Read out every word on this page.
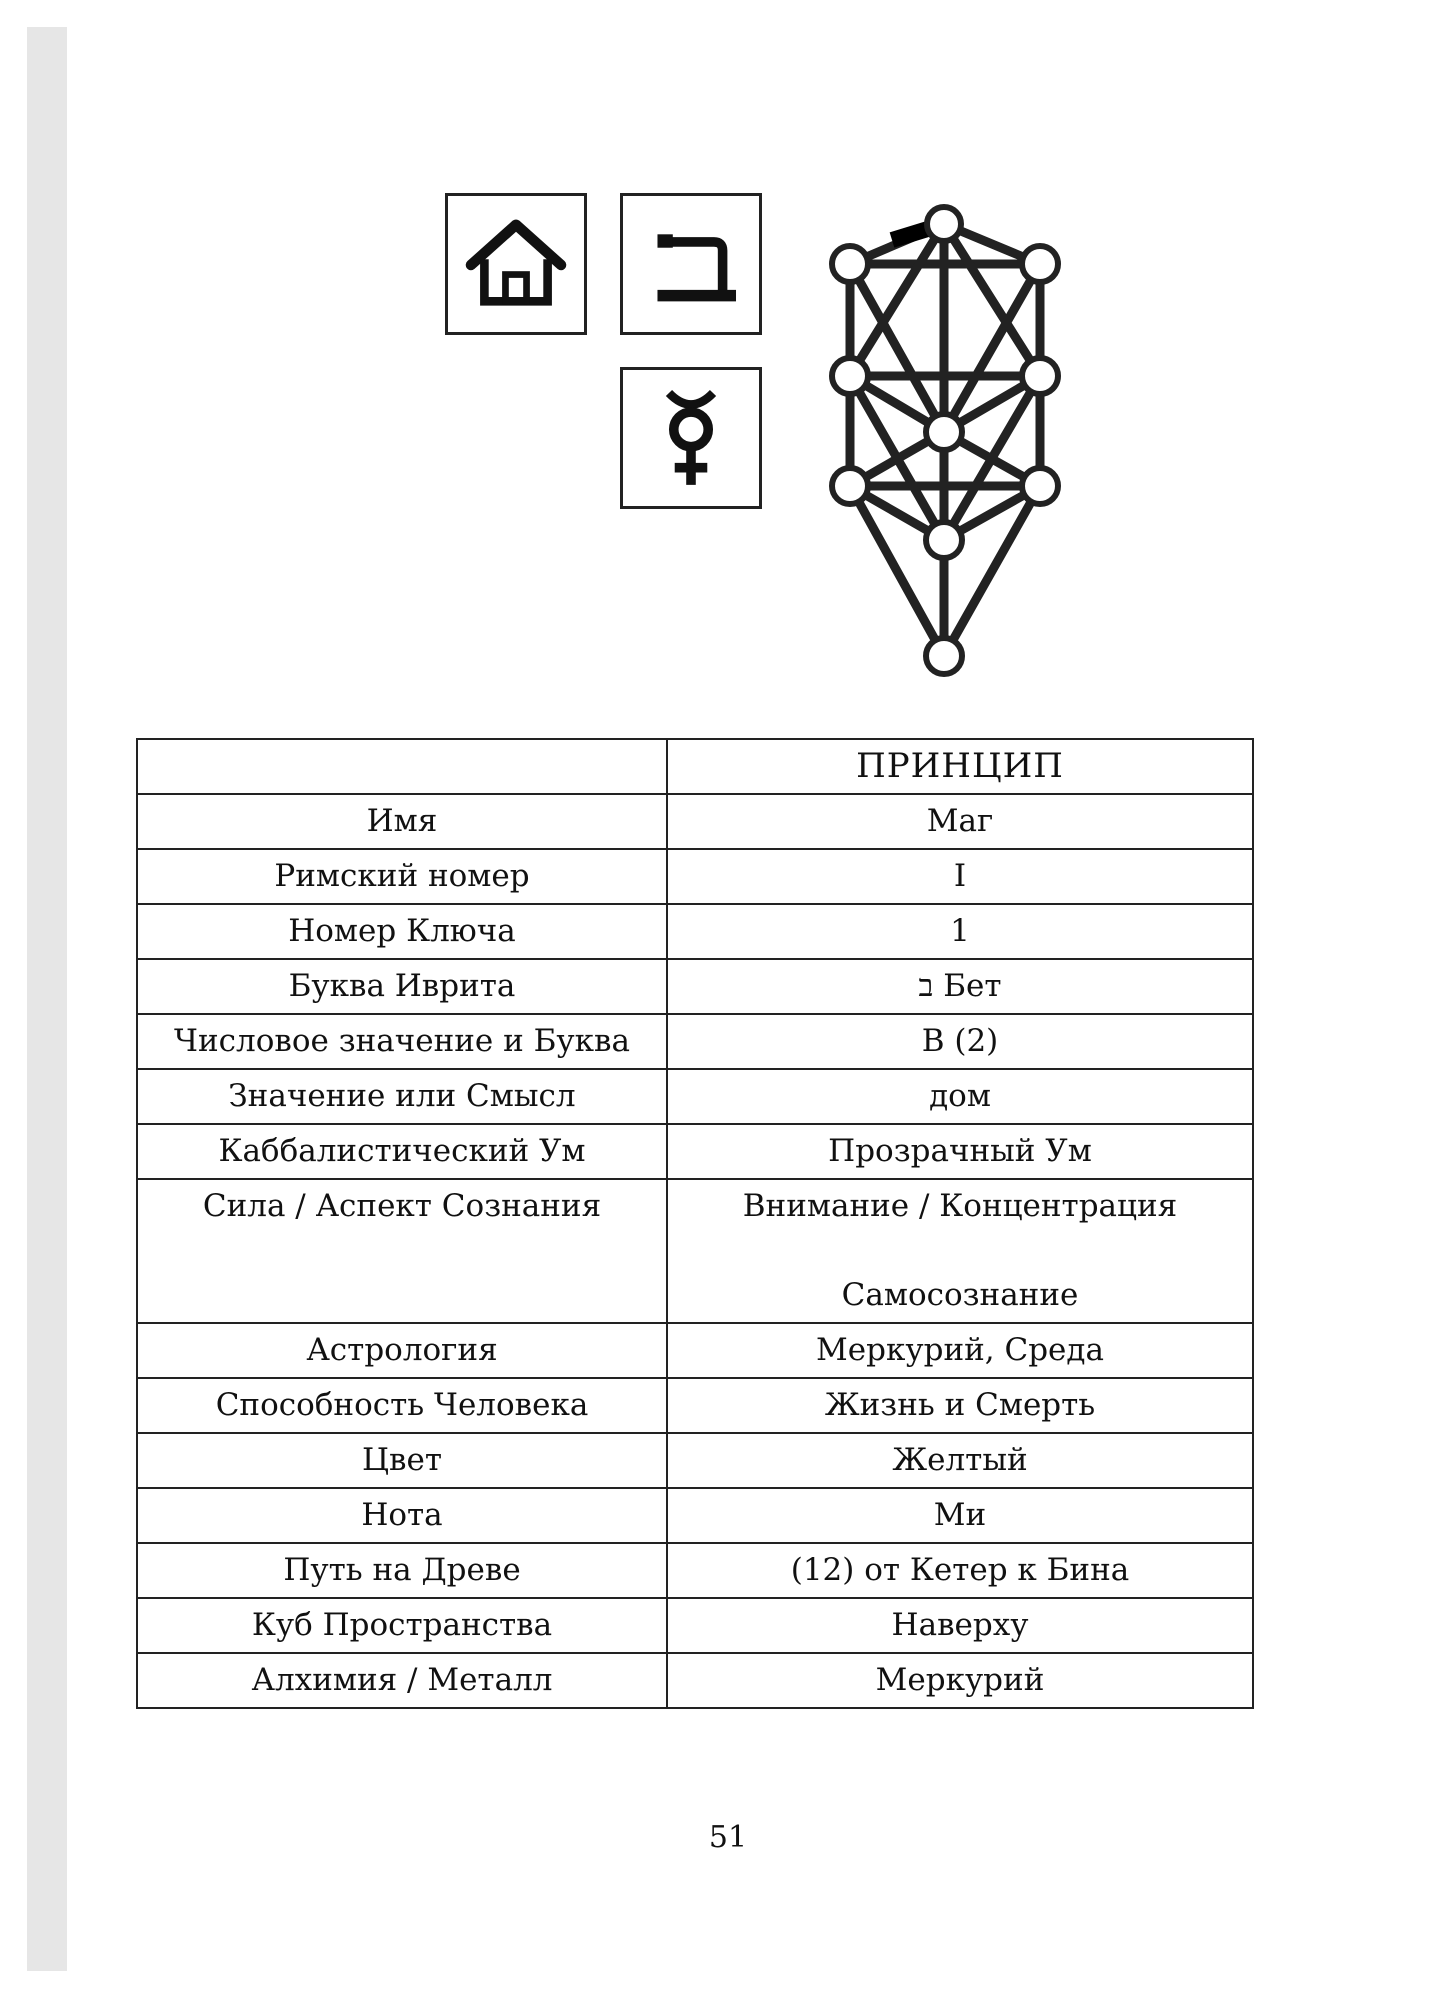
	ПРИНЦИП
Имя	Маг
Римский номер	I
Номер Ключа	1
Буква Иврита	ב Бет
Числовое значение и Буква	B (2)
Значение или Смысл	дом
Каббалистический Ум	Прозрачный Ум
Сила / Аспект Сознания	Внимание / Концентрация
Самосознание

Астрология	Меркурий, Среда
Способность Человека	Жизнь и Смерть
Цвет	Желтый
Нота	Ми
Путь на Древе	(12) от Кетер к Бина
Куб Пространства	Наверху
Алхимия / Металл	Меркурий
51
